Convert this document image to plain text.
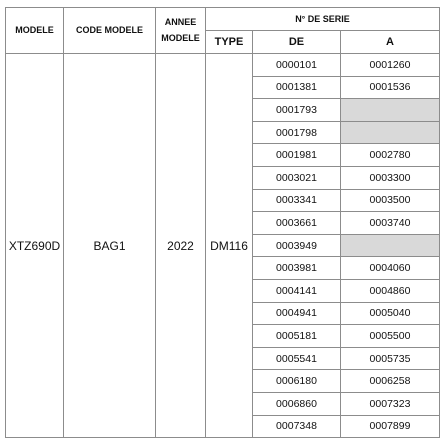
MODELE	CODE MODELE	ANNEE
MODELE	N° DE SERIE		
			TYPE	DE	A
XTZ690D	BAG1	2022	DM116	0000101	0001260
				0001381	0001536
				0001793	
				0001798	
				0001981	0002780
				0003021	0003300
				0003341	0003500
				0003661	0003740
				0003949	
				0003981	0004060
				0004141	0004860
				0004941	0005040
				0005181	0005500
				0005541	0005735
				0006180	0006258
				0006860	0007323
				0007348	0007899
